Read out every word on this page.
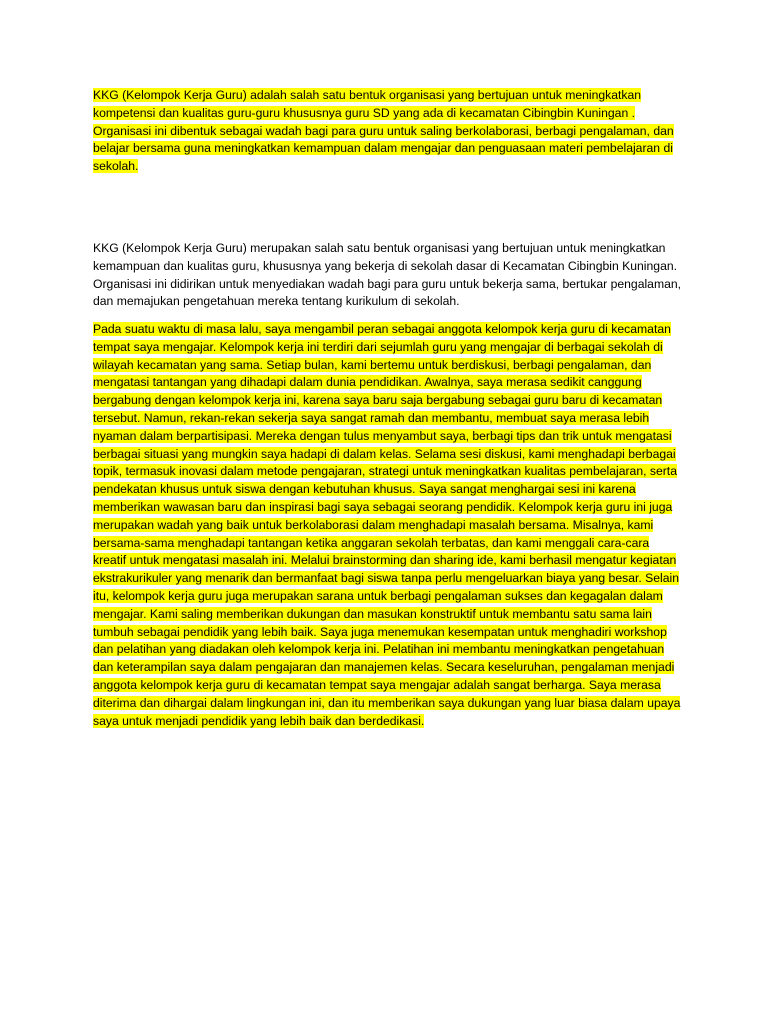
KKG (Kelompok Kerja Guru) adalah salah satu bentuk organisasi yang bertujuan untuk meningkatkan kompetensi dan kualitas guru-guru khususnya guru SD yang ada di kecamatan Cibingbin Kuningan . Organisasi ini dibentuk sebagai wadah bagi para guru untuk saling berkolaborasi, berbagi pengalaman, dan belajar bersama guna meningkatkan kemampuan dalam mengajar dan penguasaan materi pembelajaran di sekolah.

KKG (Kelompok Kerja Guru) merupakan salah satu bentuk organisasi yang bertujuan untuk meningkatkan kemampuan dan kualitas guru, khususnya yang bekerja di sekolah dasar di Kecamatan Cibingbin Kuningan. Organisasi ini didirikan untuk menyediakan wadah bagi para guru untuk bekerja sama, bertukar pengalaman, dan memajukan pengetahuan mereka tentang kurikulum di sekolah.

Pada suatu waktu di masa lalu, saya mengambil peran sebagai anggota kelompok kerja guru di kecamatan tempat saya mengajar. Kelompok kerja ini terdiri dari sejumlah guru yang mengajar di berbagai sekolah di wilayah kecamatan yang sama. Setiap bulan, kami bertemu untuk berdiskusi, berbagi pengalaman, dan mengatasi tantangan yang dihadapi dalam dunia pendidikan. Awalnya, saya merasa sedikit canggung bergabung dengan kelompok kerja ini, karena saya baru saja bergabung sebagai guru baru di kecamatan tersebut. Namun, rekan-rekan sekerja saya sangat ramah dan membantu, membuat saya merasa lebih nyaman dalam berpartisipasi. Mereka dengan tulus menyambut saya, berbagi tips dan trik untuk mengatasi berbagai situasi yang mungkin saya hadapi di dalam kelas. Selama sesi diskusi, kami menghadapi berbagai topik, termasuk inovasi dalam metode pengajaran, strategi untuk meningkatkan kualitas pembelajaran, serta pendekatan khusus untuk siswa dengan kebutuhan khusus. Saya sangat menghargai sesi ini karena memberikan wawasan baru dan inspirasi bagi saya sebagai seorang pendidik. Kelompok kerja guru ini juga merupakan wadah yang baik untuk berkolaborasi dalam menghadapi masalah bersama. Misalnya, kami bersama-sama menghadapi tantangan ketika anggaran sekolah terbatas, dan kami menggali cara-cara kreatif untuk mengatasi masalah ini. Melalui brainstorming dan sharing ide, kami berhasil mengatur kegiatan ekstrakurikuler yang menarik dan bermanfaat bagi siswa tanpa perlu mengeluarkan biaya yang besar. Selain itu, kelompok kerja guru juga merupakan sarana untuk berbagi pengalaman sukses dan kegagalan dalam mengajar. Kami saling memberikan dukungan dan masukan konstruktif untuk membantu satu sama lain tumbuh sebagai pendidik yang lebih baik. Saya juga menemukan kesempatan untuk menghadiri workshop dan pelatihan yang diadakan oleh kelompok kerja ini. Pelatihan ini membantu meningkatkan pengetahuan dan keterampilan saya dalam pengajaran dan manajemen kelas. Secara keseluruhan, pengalaman menjadi anggota kelompok kerja guru di kecamatan tempat saya mengajar adalah sangat berharga. Saya merasa diterima dan dihargai dalam lingkungan ini, dan itu memberikan saya dukungan yang luar biasa dalam upaya saya untuk menjadi pendidik yang lebih baik dan berdedikasi.
